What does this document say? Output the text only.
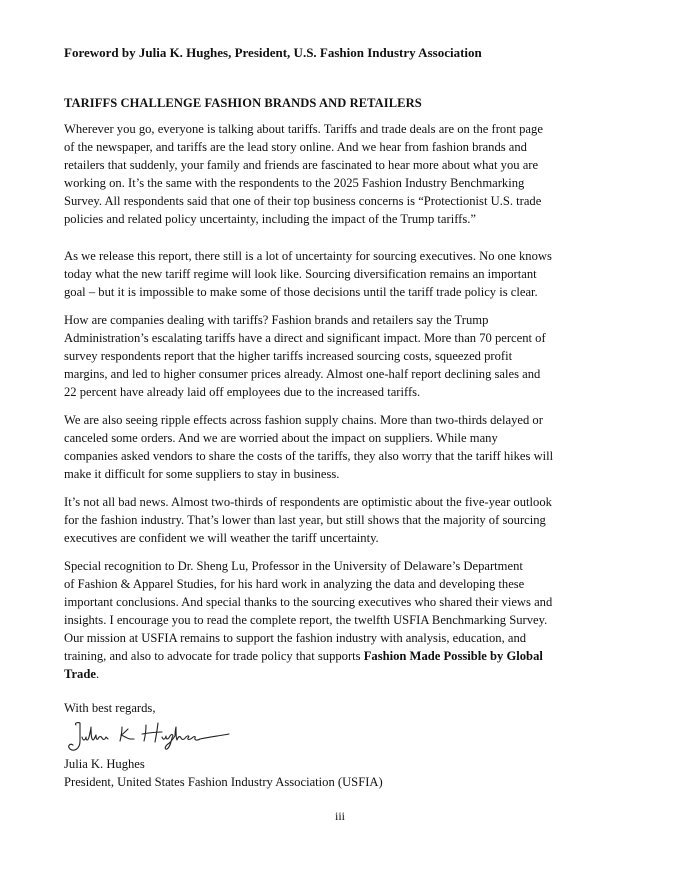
Foreword by Julia K. Hughes, President, U.S. Fashion Industry Association

TARIFFS CHALLENGE FASHION BRANDS AND RETAILERS

Wherever you go, everyone is talking about tariffs. Tariffs and trade deals are on the front page
of the newspaper, and tariffs are the lead story online. And we hear from fashion brands and
retailers that suddenly, your family and friends are fascinated to hear more about what you are
working on. It’s the same with the respondents to the 2025 Fashion Industry Benchmarking
Survey. All respondents said that one of their top business concerns is “Protectionist U.S. trade
policies and related policy uncertainty, including the impact of the Trump tariffs.”

As we release this report, there still is a lot of uncertainty for sourcing executives. No one knows
today what the new tariff regime will look like. Sourcing diversification remains an important
goal – but it is impossible to make some of those decisions until the tariff trade policy is clear.

How are companies dealing with tariffs? Fashion brands and retailers say the Trump
Administration’s escalating tariffs have a direct and significant impact. More than 70 percent of
survey respondents report that the higher tariffs increased sourcing costs, squeezed profit
margins, and led to higher consumer prices already. Almost one-half report declining sales and
22 percent have already laid off employees due to the increased tariffs.

We are also seeing ripple effects across fashion supply chains. More than two-thirds delayed or
canceled some orders. And we are worried about the impact on suppliers. While many
companies asked vendors to share the costs of the tariffs, they also worry that the tariff hikes will
make it difficult for some suppliers to stay in business.

It’s not all bad news. Almost two-thirds of respondents are optimistic about the five-year outlook
for the fashion industry. That’s lower than last year, but still shows that the majority of sourcing
executives are confident we will weather the tariff uncertainty.

Special recognition to Dr. Sheng Lu, Professor in the University of Delaware’s Department
of Fashion & Apparel Studies, for his hard work in analyzing the data and developing these
important conclusions. And special thanks to the sourcing executives who shared their views and
insights. I encourage you to read the complete report, the twelfth USFIA Benchmarking Survey.
Our mission at USFIA remains to support the fashion industry with analysis, education, and
training, and also to advocate for trade policy that supports Fashion Made Possible by Global
Trade.

With best regards,

Julia K. Hughes

President, United States Fashion Industry Association (USFIA)

iii
